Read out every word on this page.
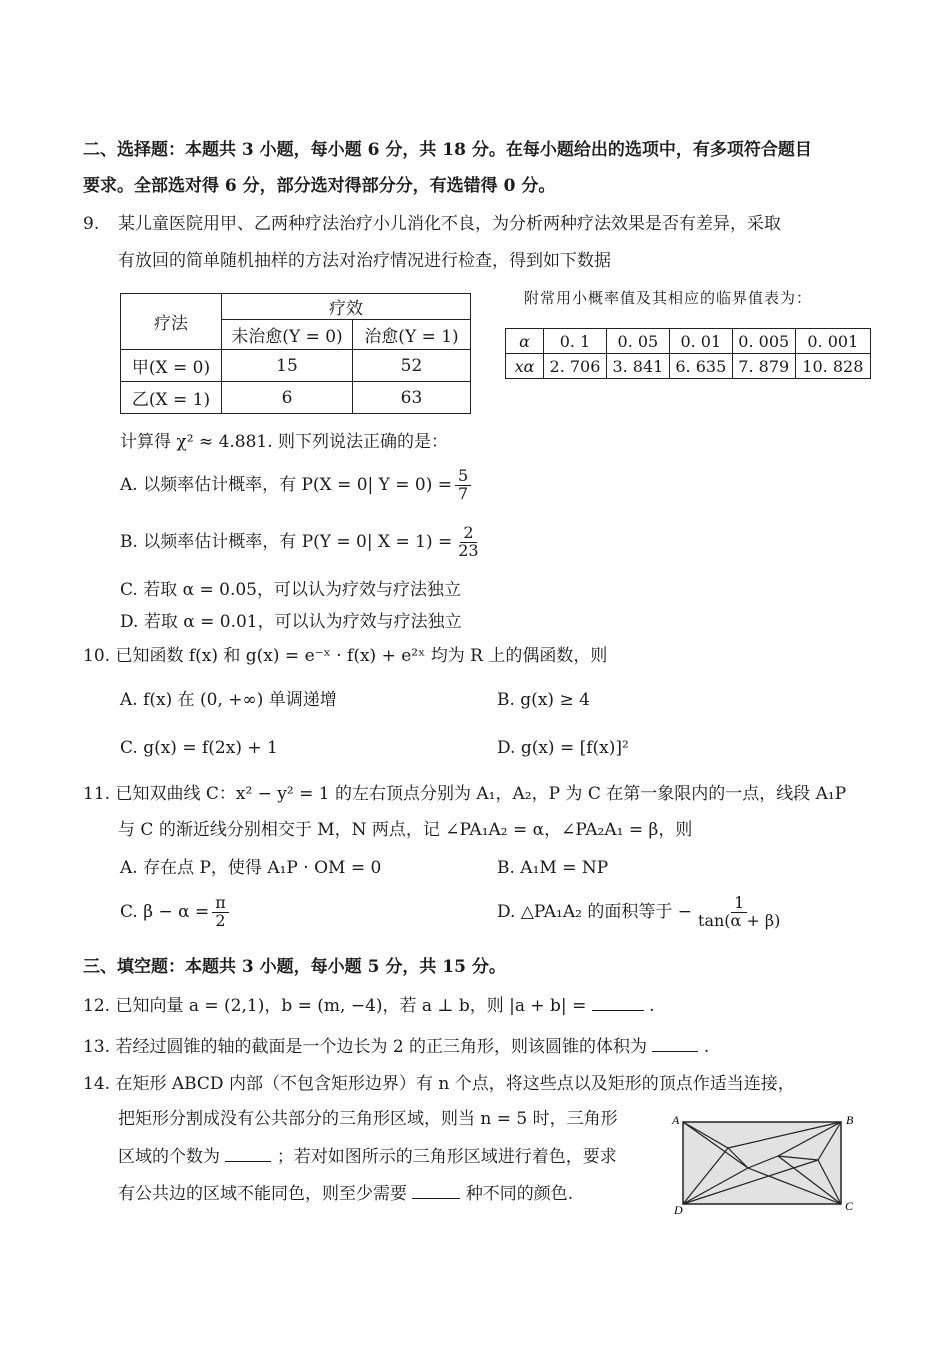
二、选择题：本题共 3 小题，每小题 6 分，共 18 分。在每小题给出的选项中，有多项符合题目
要求。全部选对得 6 分，部分选对得部分分，有选错得 0 分。
9. 某儿童医院用甲、乙两种疗法治疗小儿消化不良，为分析两种疗法效果是否有差异，采取
有放回的简单随机抽样的方法对治疗情况进行检查，得到如下数据
疗法	疗效	
	未治愈(Y = 0)	治愈(Y = 1)
甲(X = 0)	15	52
乙(X = 1)	6	63
附常用小概率值及其相应的临界值表为：
α	0. 1	0. 05	0. 01	0. 005	0. 001
xα	2. 706	3. 841	6. 635	7. 879	10. 828
计算得 χ² ≈ 4.881. 则下列说法正确的是：
A. 以频率估计概率，有 P(X = 0| $Y = 0) = \frac{5}{7}$
B. 以频率估计概率，有 P(Y = 0| $X = 1) = \frac{2}{23}$
C. 若取 α = 0.05，可以认为疗效与疗法独立
D. 若取 α = 0.01，可以认为疗效与疗法独立
10. 已知函数 f(x) 和 g(x) = e⁻ˣ · f(x) + e²ˣ 均为 R 上的偶函数，则
A. f(x) 在 (0, +∞) 单调递增	B. g(x) ≥ 4
C. g(x) = f(2x) + 1	D. g(x) = [f(x)]²
11. 已知双曲线 C：x² − y² = 1 的左右顶点分别为 A₁，A₂，P 为 C 在第一象限内的一点，线段 A₁P
与 C 的渐近线分别相交于 M，N 两点，记 ∠PA₁A₂ = α，∠PA₂A₁ = β，则
A. 存在点 P，使得 A₁P · OM = 0	B. A₁M = NP
C. $\beta - \alpha = \frac{\pi}{2}$	D. △PA₁A₂ 的面积等于 − $\frac{1}{\tan(\alpha + \beta)}$
三、填空题：本题共 3 小题，每小题 5 分，共 15 分。
12. 已知向量 a = (2,1)，b = (m, −4)，若 a ⊥ b，则 |a + b| =	.
13. 若经过圆锥的轴的截面是一个边长为 2 的正三角形，则该圆锥的体积为	.
14. 在矩形 ABCD 内部（不包含矩形边界）有 n 个点，将这些点以及矩形的顶点作适当连接，
把矩形分割成没有公共部分的三角形区域，则当 n = 5 时，三角形
区域的个数为	；若对如图所示的三角形区域进行着色，要求
有公共边的区域不能同色，则至少需要	种不同的颜色.
A	B
C
D
